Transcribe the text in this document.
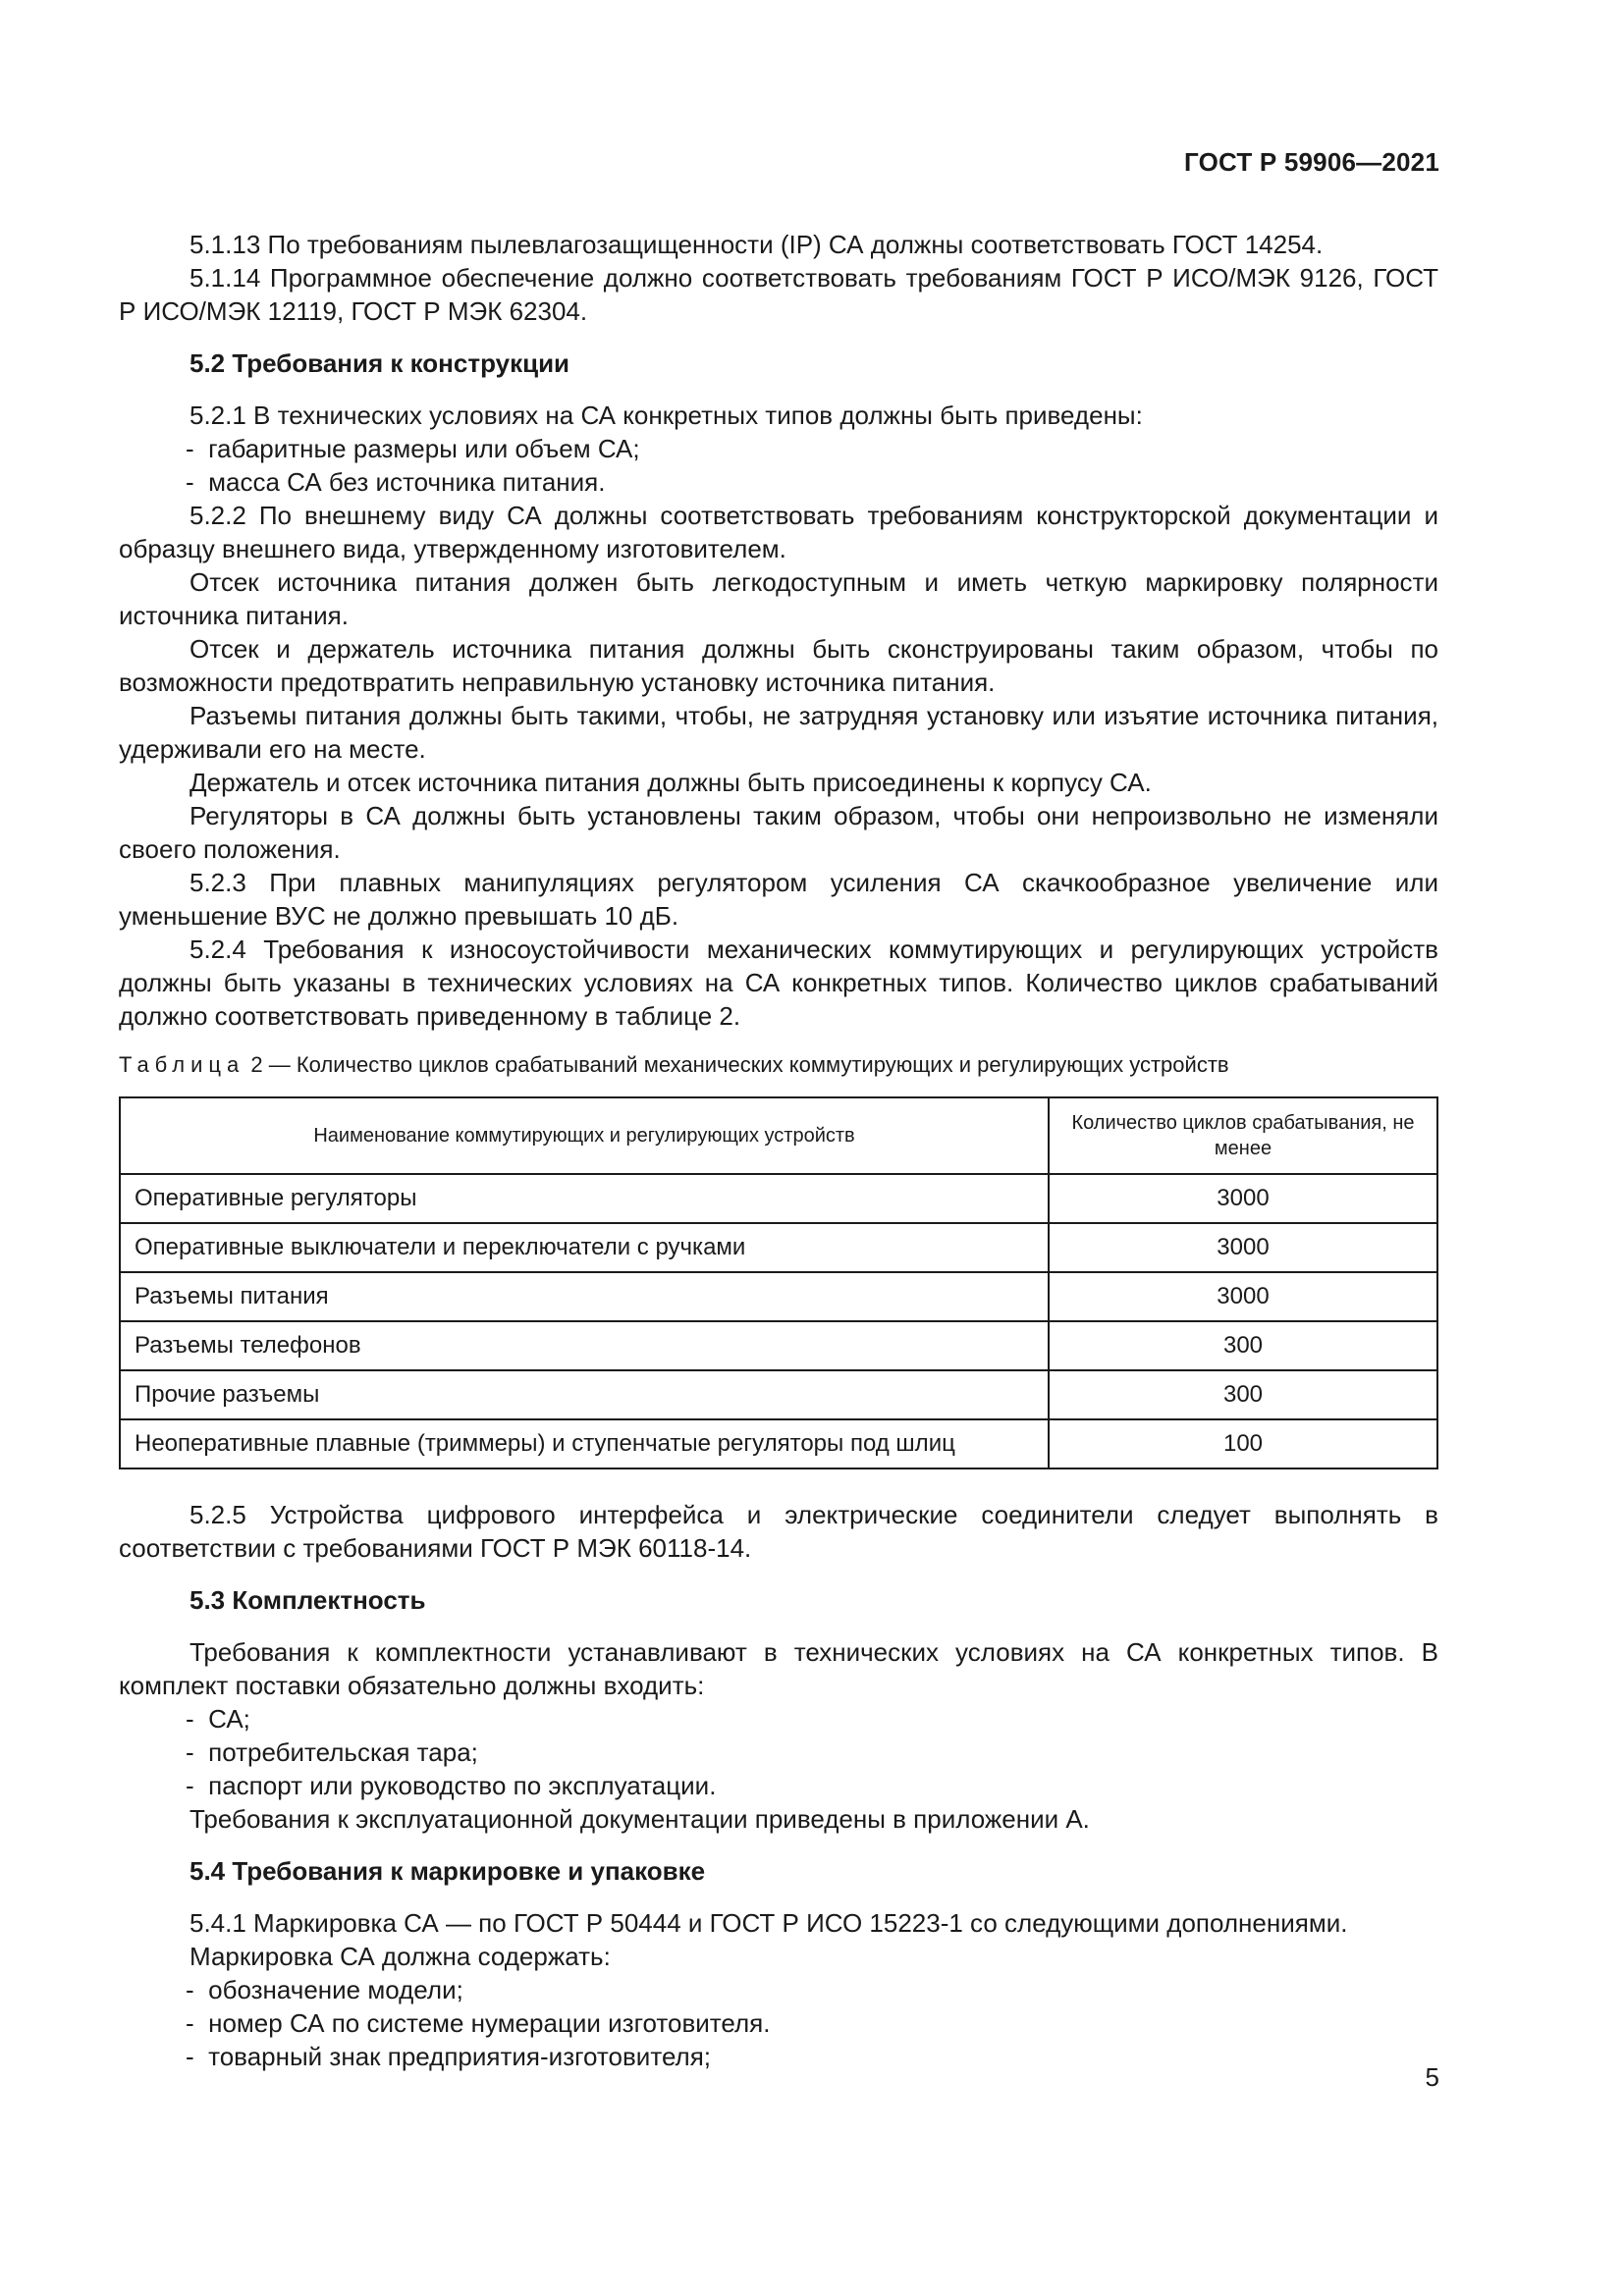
ГОСТ Р 59906—2021

5.1.13 По требованиям пылевлагозащищенности (IP) СА должны соответствовать ГОСТ 14254.

5.1.14 Программное обеспечение должно соответствовать требованиям ГОСТ Р ИСО/МЭК 9126, ГОСТ Р ИСО/МЭК 12119, ГОСТ Р МЭК 62304.

5.2 Требования к конструкции

5.2.1 В технических условиях на СА конкретных типов должны быть приведены:

-  габаритные размеры или объем СА;

-  масса СА без источника питания.

5.2.2 По внешнему виду СА должны соответствовать требованиям конструкторской документации и образцу внешнего вида, утвержденному изготовителем.

Отсек источника питания должен быть легкодоступным и иметь четкую маркировку полярности источника питания.

Отсек и держатель источника питания должны быть сконструированы таким образом, чтобы по возможности предотвратить неправильную установку источника питания.

Разъемы питания должны быть такими, чтобы, не затрудняя установку или изъятие источника питания, удерживали его на месте.

Держатель и отсек источника питания должны быть присоединены к корпусу СА.

Регуляторы в СА должны быть установлены таким образом, чтобы они непроизвольно не изменяли своего положения.

5.2.3 При плавных манипуляциях регулятором усиления СА скачкообразное увеличение или уменьшение ВУС не должно превышать 10 дБ.

5.2.4 Требования к износоустойчивости механических коммутирующих и регулирующих устройств должны быть указаны в технических условиях на СА конкретных типов. Количество циклов срабатываний должно соответствовать приведенному в таблице 2.

Таблица 2 — Количество циклов срабатываний механических коммутирующих и регулирующих устройств
Наименование коммутирующих и регулирующих устройств	Количество циклов срабатывания, не менее
Оперативные регуляторы	3000
Оперативные выключатели и переключатели с ручками	3000
Разъемы питания	3000
Разъемы телефонов	300
Прочие разъемы	300
Неоперативные плавные (триммеры) и ступенчатые регуляторы под шлиц	100

5.2.5 Устройства цифрового интерфейса и электрические соединители следует выполнять в соответствии с требованиями ГОСТ Р МЭК 60118-14.

5.3 Комплектность

Требования к комплектности устанавливают в технических условиях на СА конкретных типов. В комплект поставки обязательно должны входить:

-  СА;

-  потребительская тара;

-  паспорт или руководство по эксплуатации.

Требования к эксплуатационной документации приведены в приложении А.

5.4 Требования к маркировке и упаковке

5.4.1 Маркировка СА — по ГОСТ Р 50444 и ГОСТ Р ИСО 15223-1 со следующими дополнениями.

Маркировка СА должна содержать:

-  обозначение модели;

-  номер СА по системе нумерации изготовителя.

-  товарный знак предприятия-изготовителя;

5
